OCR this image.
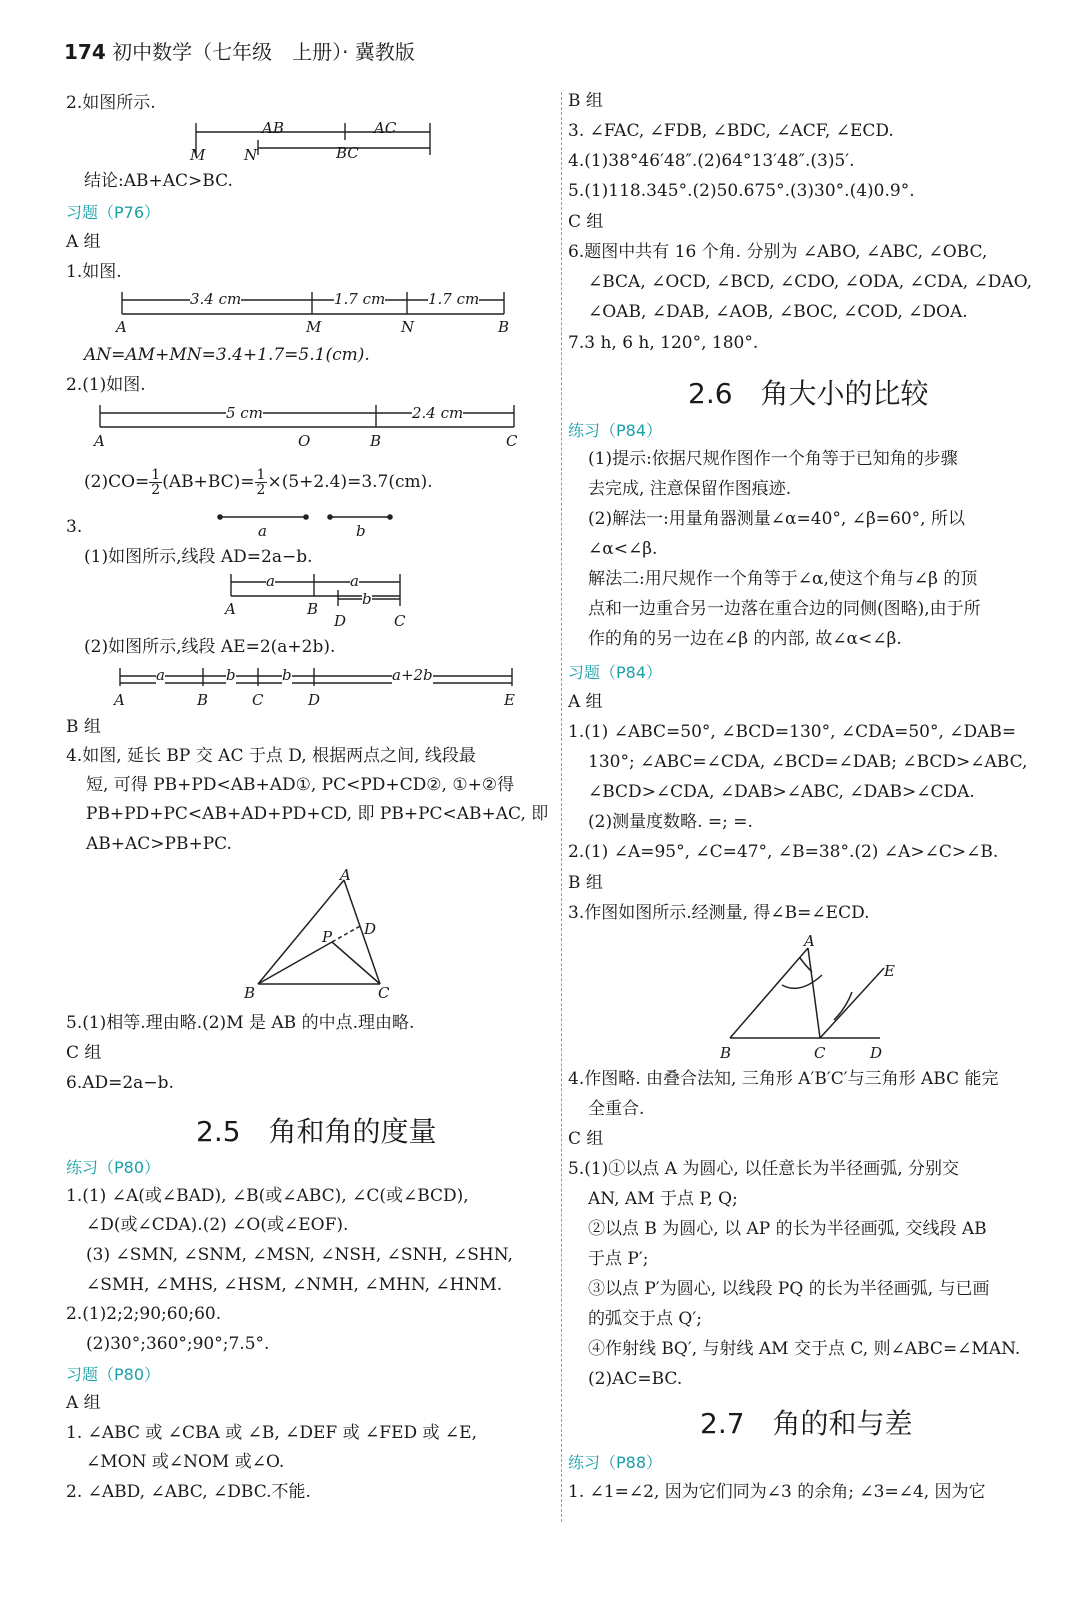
174 初中数学（七年级　上册）· 冀教版
2.如图所示.
AB	AC
BC
M	N
结论:AB+AC>BC.
习题（P76）
A 组
1.如图.
3.4 cm	1.7 cm	1.7 cm
A	M	N	B
AN=AM+MN=3.4+1.7=5.1(cm).
2.(1)如图.
5 cm	2.4 cm
A	O	B	C
$(2)CO= \frac{1}{2} (AB+BC)= \frac{1}{2} \times(5+2.4)=3.7(cm)$.
3.	a	b
(1)如图所示,线段 AD=2a−b.
a	a
b
A	B
D	C
(2)如图所示,线段 AE=2(a+2b).
a	b	b	a+2b
A	B	C	D	E
B 组
4.如图, 延长 BP 交 AC 于点 D, 根据两点之间, 线段最
短, 可得 PB+PD<AB+AD①, PC<PD+CD②, ①+②得
PB+PD+PC<AB+AD+PD+CD, 即 PB+PC<AB+AC, 即
AB+AC>PB+PC.
A
B	C
D
P
5.(1)相等.理由略.(2)M 是 AB 的中点.理由略.
C 组
6.AD=2a−b.
2.5　角和角的度量
练习（P80）
1.(1) ∠A(或∠BAD), ∠B(或∠ABC), ∠C(或∠BCD),
∠D(或∠CDA).(2) ∠O(或∠EOF).
(3) ∠SMN, ∠SNM, ∠MSN, ∠NSH, ∠SNH, ∠SHN,
∠SMH, ∠MHS, ∠HSM, ∠NMH, ∠MHN, ∠HNM.
2.(1)2;2;90;60;60.
(2)30°;360°;90°;7.5°.
习题（P80）
A 组
1. ∠ABC 或 ∠CBA 或 ∠B, ∠DEF 或 ∠FED 或 ∠E,
∠MON 或∠NOM 或∠O.
2. ∠ABD, ∠ABC, ∠DBC.不能.
B 组
3. ∠FAC, ∠FDB, ∠BDC, ∠ACF, ∠ECD.
4.(1)38°46′48″.(2)64°13′48″.(3)5′.
5.(1)118.345°.(2)50.675°.(3)30°.(4)0.9°.
C 组
6.题图中共有 16 个角. 分别为 ∠ABO, ∠ABC, ∠OBC,
∠BCA, ∠OCD, ∠BCD, ∠CDO, ∠ODA, ∠CDA, ∠DAO,
∠OAB, ∠DAB, ∠AOB, ∠BOC, ∠COD, ∠DOA.
7.3 h, 6 h, 120°, 180°.
2.6　角大小的比较
练习（P84）
(1)提示:依据尺规作图作一个角等于已知角的步骤
去完成, 注意保留作图痕迹.
(2)解法一:用量角器测量∠α=40°, ∠β=60°, 所以
∠α<∠β.
解法二:用尺规作一个角等于∠α,使这个角与∠β 的顶
点和一边重合另一边落在重合边的同侧(图略),由于所
作的角的另一边在∠β 的内部, 故∠α<∠β.
习题（P84）
A 组
1.(1) ∠ABC=50°, ∠BCD=130°, ∠CDA=50°, ∠DAB=
130°; ∠ABC=∠CDA, ∠BCD=∠DAB; ∠BCD>∠ABC,
∠BCD>∠CDA, ∠DAB>∠ABC, ∠DAB>∠CDA.
(2)测量度数略. =; =.
2.(1) ∠A=95°, ∠C=47°, ∠B=38°.(2) ∠A>∠C>∠B.
B 组
3.作图如图所示.经测量, 得∠B=∠ECD.
A
B	C	D
E
4.作图略. 由叠合法知, 三角形 A′B′C′与三角形 ABC 能完
全重合.
C 组
5.(1)①以点 A 为圆心, 以任意长为半径画弧, 分别交
AN, AM 于点 P, Q;
②以点 B 为圆心, 以 AP 的长为半径画弧, 交线段 AB
于点 P′;
③以点 P′为圆心, 以线段 PQ 的长为半径画弧, 与已画
的弧交于点 Q′;
④作射线 BQ′, 与射线 AM 交于点 C, 则∠ABC=∠MAN.
(2)AC=BC.
2.7　角的和与差
练习（P88）
1. ∠1=∠2, 因为它们同为∠3 的余角; ∠3=∠4, 因为它
